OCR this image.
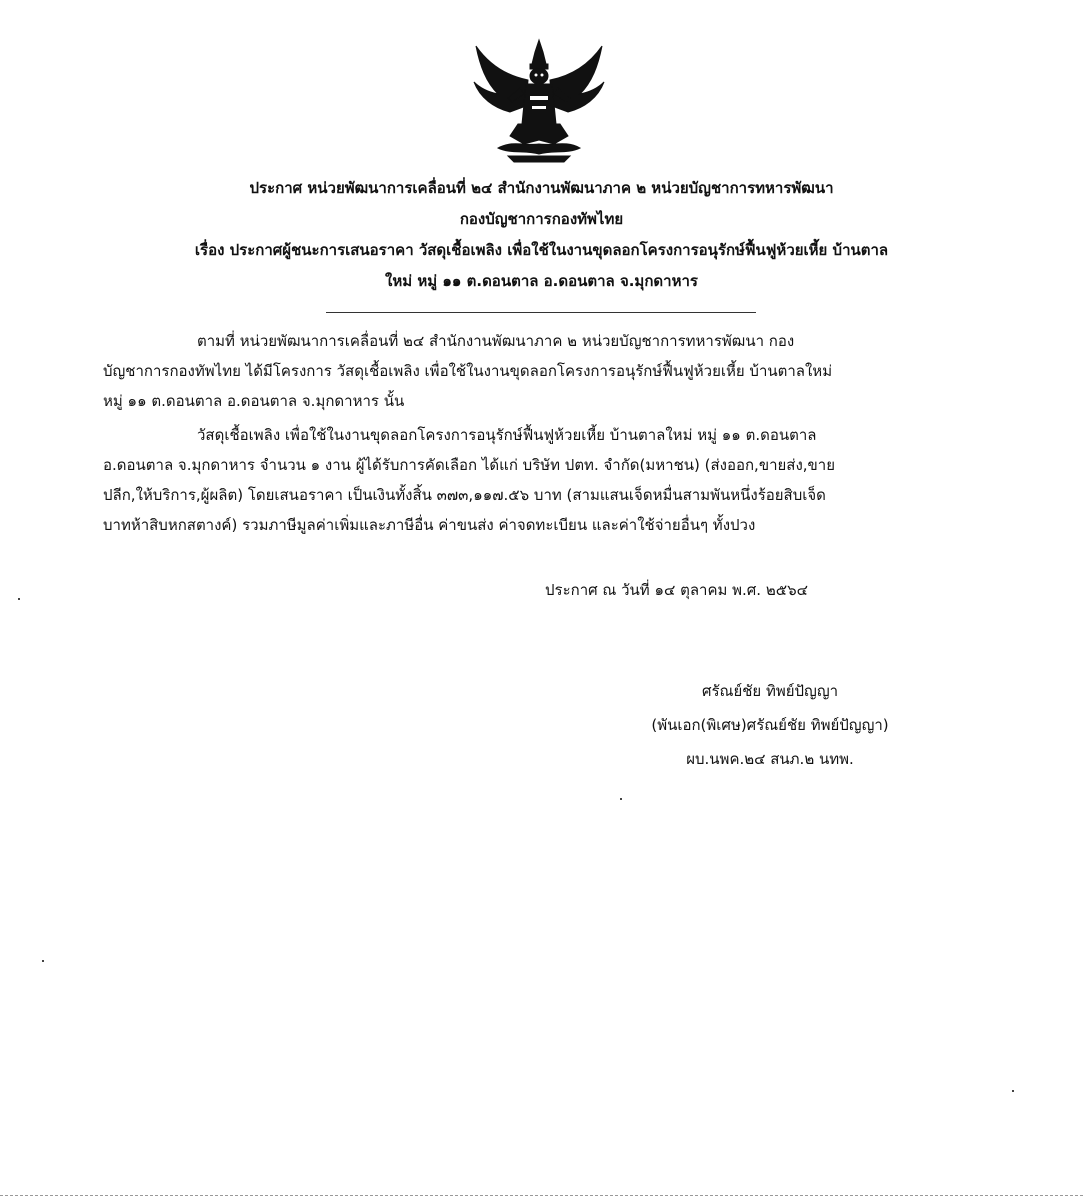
ประกาศ หน่วยพัฒนาการเคลื่อนที่ ๒๔ สำนักงานพัฒนาภาค ๒ หน่วยบัญชาการทหารพัฒนา
กองบัญชาการกองทัพไทย
เรื่อง ประกาศผู้ชนะการเสนอราคา วัสดุเชื้อเพลิง เพื่อใช้ในงานขุดลอกโครงการอนุรักษ์ฟื้นฟูห้วยเหี้ย บ้านตาล
ใหม่ หมู่ ๑๑ ต.ดอนตาล อ.ดอนตาล จ.มุกดาหาร
ตามที่ หน่วยพัฒนาการเคลื่อนที่ ๒๔ สำนักงานพัฒนาภาค ๒ หน่วยบัญชาการทหารพัฒนา กอง
บัญชาการกองทัพไทย ได้มีโครงการ วัสดุเชื้อเพลิง เพื่อใช้ในงานขุดลอกโครงการอนุรักษ์ฟื้นฟูห้วยเหี้ย บ้านตาลใหม่
หมู่ ๑๑ ต.ดอนตาล อ.ดอนตาล จ.มุกดาหาร นั้น
วัสดุเชื้อเพลิง เพื่อใช้ในงานขุดลอกโครงการอนุรักษ์ฟื้นฟูห้วยเหี้ย บ้านตาลใหม่ หมู่ ๑๑ ต.ดอนตาล
อ.ดอนตาล จ.มุกดาหาร จำนวน ๑ งาน ผู้ได้รับการคัดเลือก ได้แก่ บริษัท ปตท. จำกัด(มหาชน) (ส่งออก,ขายส่ง,ขาย
ปลีก,ให้บริการ,ผู้ผลิต) โดยเสนอราคา เป็นเงินทั้งสิ้น ๓๗๓,๑๑๗.๕๖ บาท (สามแสนเจ็ดหมื่นสามพันหนึ่งร้อยสิบเจ็ด
บาทห้าสิบหกสตางค์) รวมภาษีมูลค่าเพิ่มและภาษีอื่น ค่าขนส่ง ค่าจดทะเบียน และค่าใช้จ่ายอื่นๆ ทั้งปวง
ประกาศ ณ วันที่ ๑๔ ตุลาคม พ.ศ. ๒๕๖๔
ศรัณย์ชัย ทิพย์ปัญญา
(พันเอก(พิเศษ)ศรัณย์ชัย ทิพย์ปัญญา)
ผบ.นพค.๒๔ สนภ.๒ นทพ.
